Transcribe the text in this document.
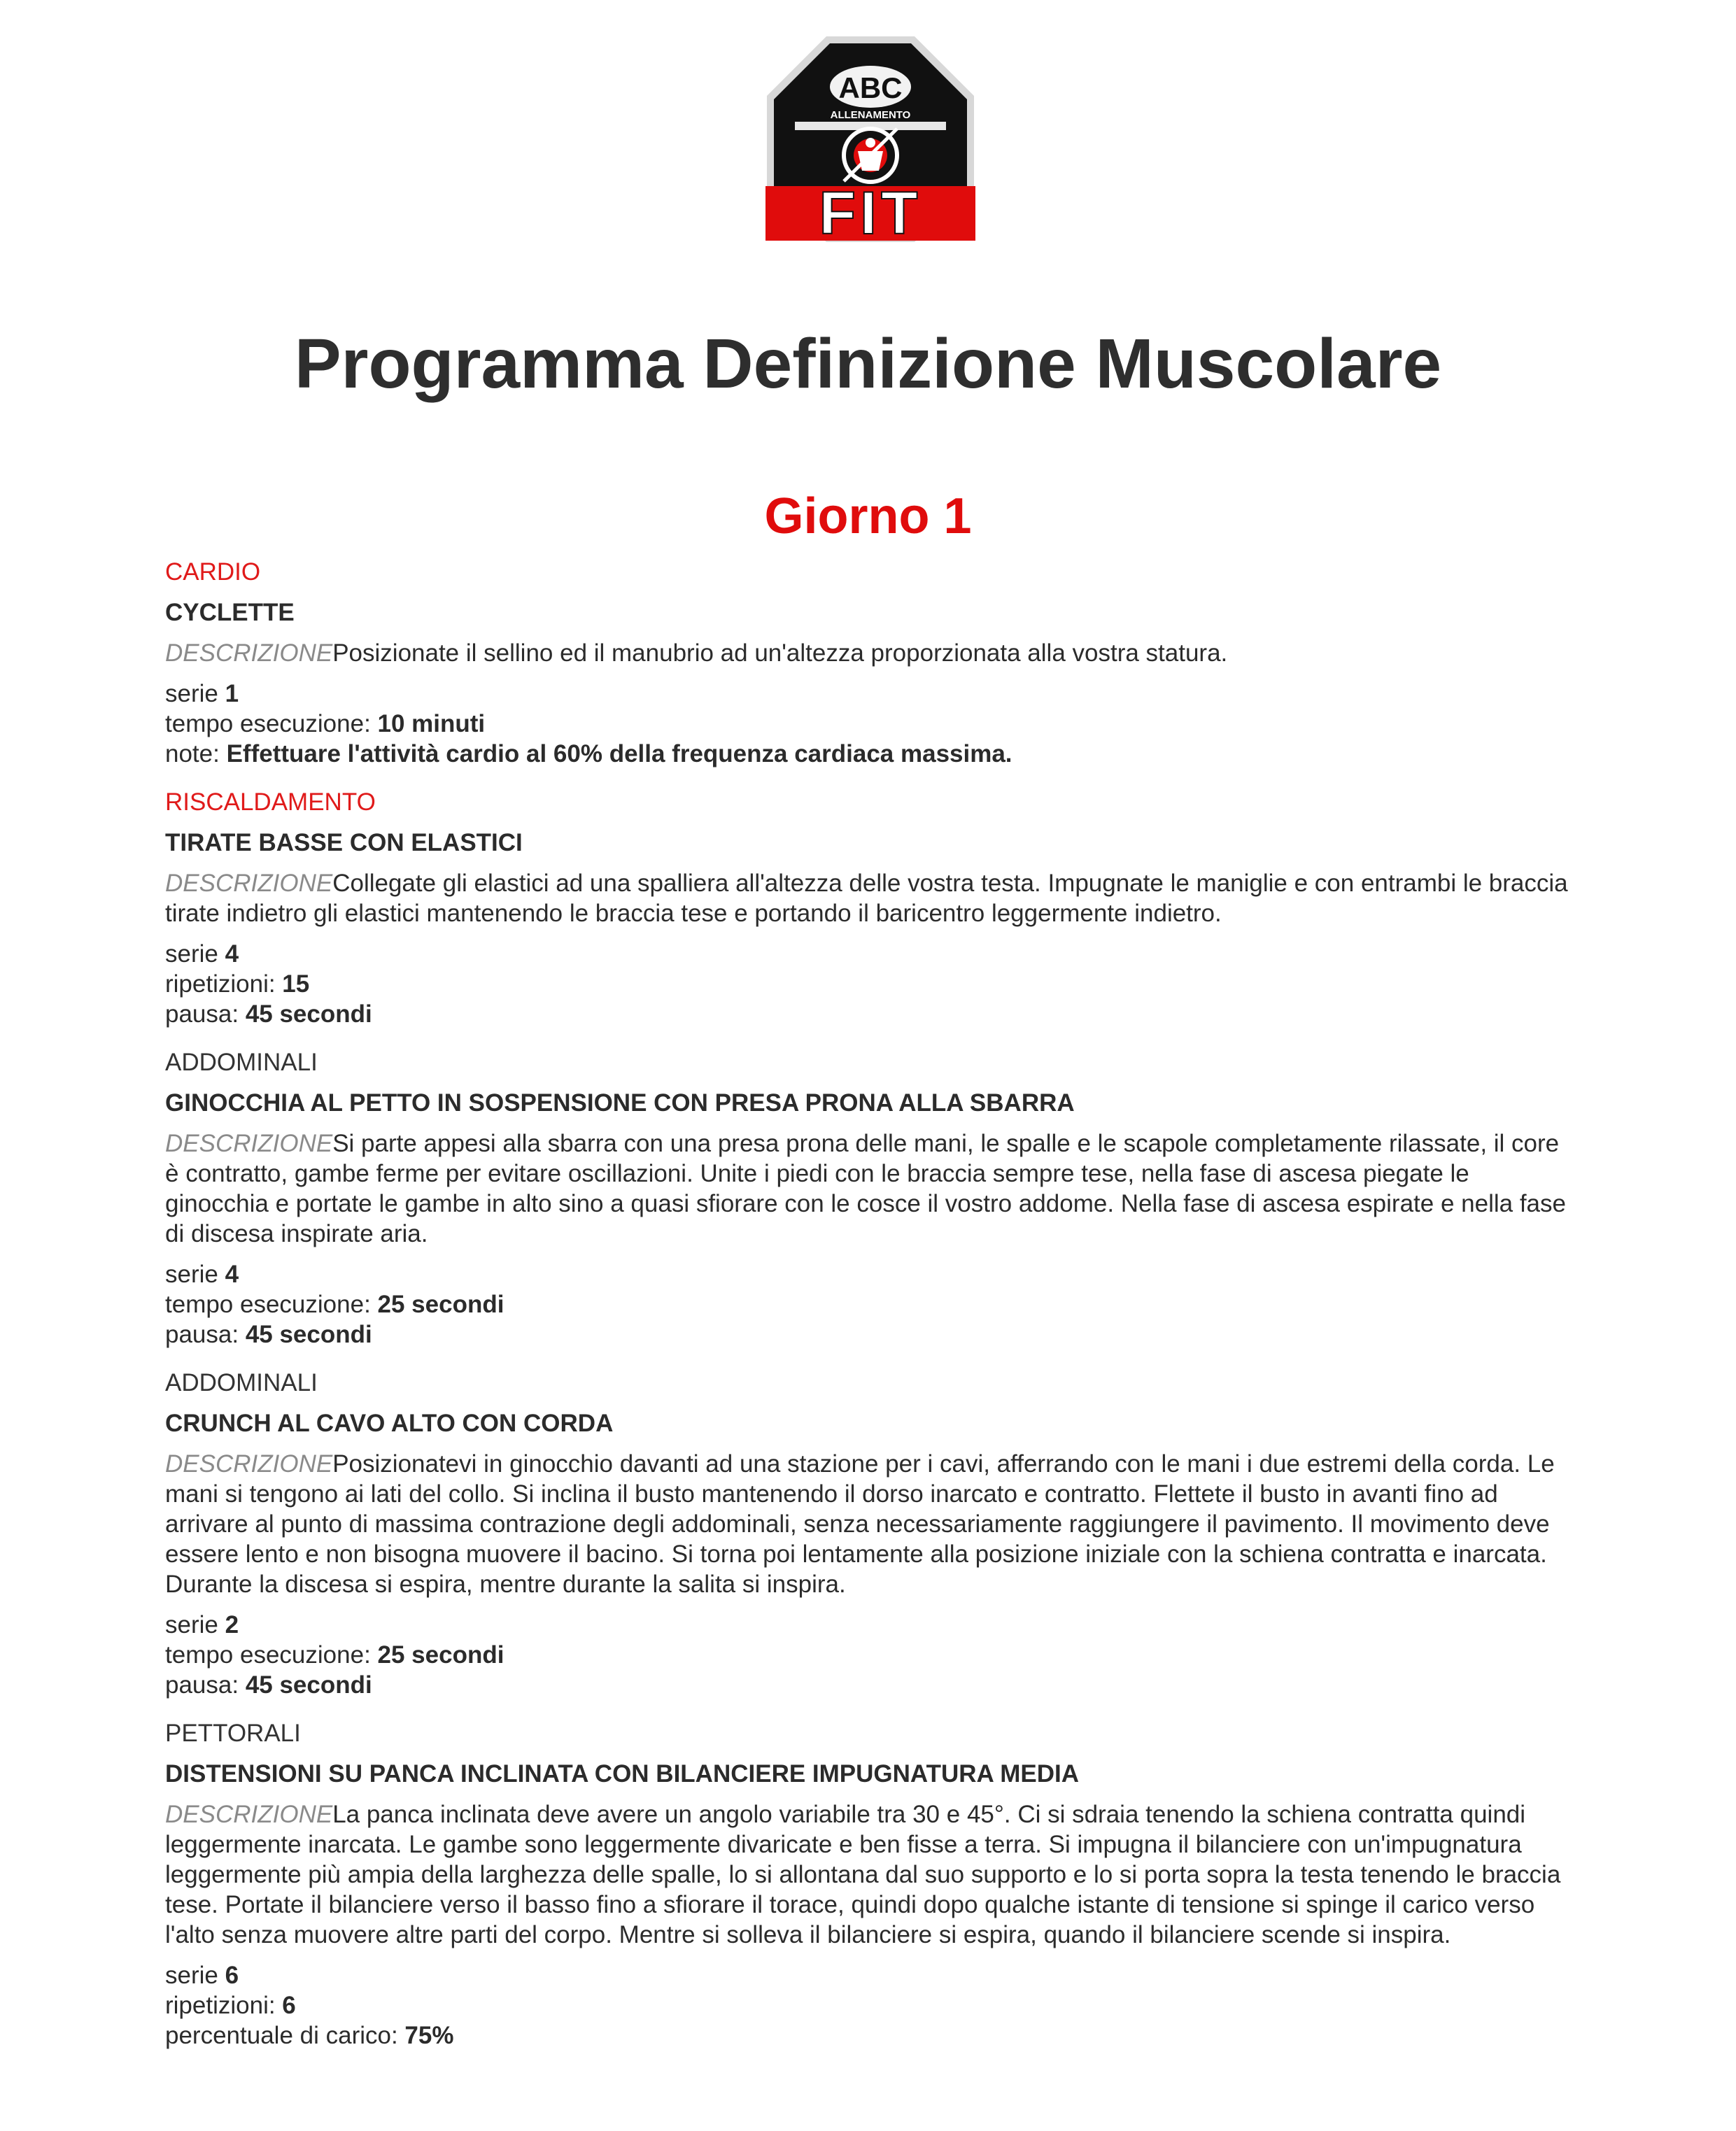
ABC
ALLENAMENTO
FIT
Programma Definizione Muscolare
Giorno 1
CARDIO
CYCLETTE
DESCRIZIONEPosizionate il sellino ed il manubrio ad un'altezza proporzionata alla vostra statura.
serie 1
tempo esecuzione: 10 minuti
note: Effettuare l'attività cardio al 60% della frequenza cardiaca massima.
RISCALDAMENTO
TIRATE BASSE CON ELASTICI
DESCRIZIONECollegate gli elastici ad una spalliera all'altezza delle vostra testa. Impugnate le maniglie e con entrambi le braccia tirate indietro gli elastici mantenendo le braccia tese e portando il baricentro leggermente indietro.
serie 4
ripetizioni: 15
pausa: 45 secondi
ADDOMINALI
GINOCCHIA AL PETTO IN SOSPENSIONE CON PRESA PRONA ALLA SBARRA
DESCRIZIONESi parte appesi alla sbarra con una presa prona delle mani, le spalle e le scapole completamente rilassate, il core è contratto, gambe ferme per evitare oscillazioni. Unite i piedi con le braccia sempre tese, nella fase di ascesa piegate le ginocchia e portate le gambe in alto sino a quasi sfiorare con le cosce il vostro addome. Nella fase di ascesa espirate e nella fase di discesa inspirate aria.
serie 4
tempo esecuzione: 25 secondi
pausa: 45 secondi
ADDOMINALI
CRUNCH AL CAVO ALTO CON CORDA
DESCRIZIONEPosizionatevi in ginocchio davanti ad una stazione per i cavi, afferrando con le mani i due estremi della corda. Le mani si tengono ai lati del collo. Si inclina il busto mantenendo il dorso inarcato e contratto. Flettete il busto in avanti fino ad arrivare al punto di massima contrazione degli addominali, senza necessariamente raggiungere il pavimento. Il movimento deve essere lento e non bisogna muovere il bacino. Si torna poi lentamente alla posizione iniziale con la schiena contratta e inarcata. Durante la discesa si espira, mentre durante la salita si inspira.
serie 2
tempo esecuzione: 25 secondi
pausa: 45 secondi
PETTORALI
DISTENSIONI SU PANCA INCLINATA CON BILANCIERE IMPUGNATURA MEDIA
DESCRIZIONELa panca inclinata deve avere un angolo variabile tra 30 e 45°. Ci si sdraia tenendo la schiena contratta quindi leggermente inarcata. Le gambe sono leggermente divaricate e ben fisse a terra. Si impugna il bilanciere con un'impugnatura leggermente più ampia della larghezza delle spalle, lo si allontana dal suo supporto e lo si porta sopra la testa tenendo le braccia tese. Portate il bilanciere verso il basso fino a sfiorare il torace, quindi dopo qualche istante di tensione si spinge il carico verso l'alto senza muovere altre parti del corpo. Mentre si solleva il bilanciere si espira, quando il bilanciere scende si inspira.
serie 6
ripetizioni: 6
percentuale di carico: 75%
